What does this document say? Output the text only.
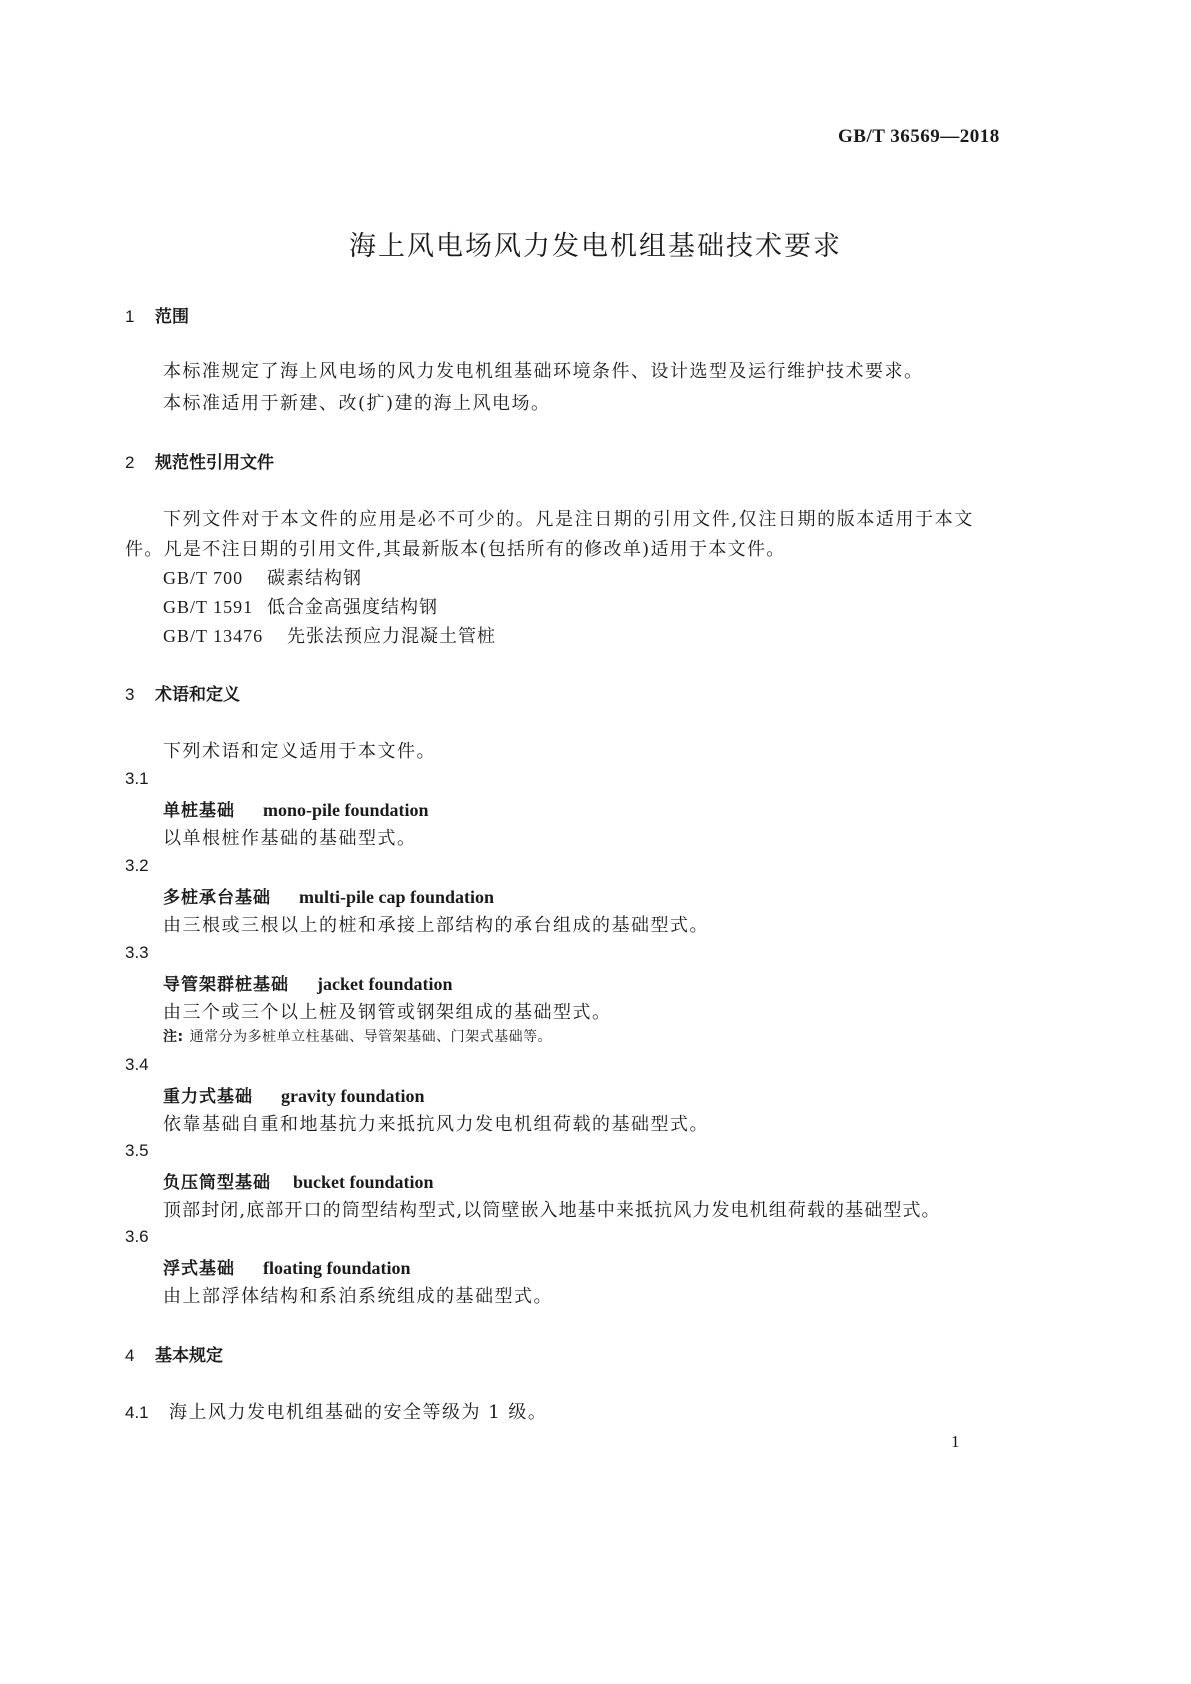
GB/T 36569—2018
海上风电场风力发电机组基础技术要求
1 范围
本标准规定了海上风电场的风力发电机组基础环境条件、设计选型及运行维护技术要求。
本标准适用于新建、改(扩)建的海上风电场。
2 规范性引用文件
下列文件对于本文件的应用是必不可少的。凡是注日期的引用文件,仅注日期的版本适用于本文
件。凡是不注日期的引用文件,其最新版本(包括所有的修改单)适用于本文件。
GB/T 700 碳素结构钢
GB/T 1591 低合金高强度结构钢
GB/T 13476 先张法预应力混凝土管桩
3 术语和定义
下列术语和定义适用于本文件。
3.1
单桩基础 mono-pile foundation
以单根桩作基础的基础型式。
3.2
多桩承台基础 multi-pile cap foundation
由三根或三根以上的桩和承接上部结构的承台组成的基础型式。
3.3
导管架群桩基础 jacket foundation
由三个或三个以上桩及钢管或钢架组成的基础型式。
注: 通常分为多桩单立柱基础、导管架基础、门架式基础等。
3.4
重力式基础 gravity foundation
依靠基础自重和地基抗力来抵抗风力发电机组荷载的基础型式。
3.5
负压筒型基础 bucket foundation
顶部封闭,底部开口的筒型结构型式,以筒壁嵌入地基中来抵抗风力发电机组荷载的基础型式。
3.6
浮式基础 floating foundation
由上部浮体结构和系泊系统组成的基础型式。
4 基本规定
4.1 海上风力发电机组基础的安全等级为 1 级。
1
